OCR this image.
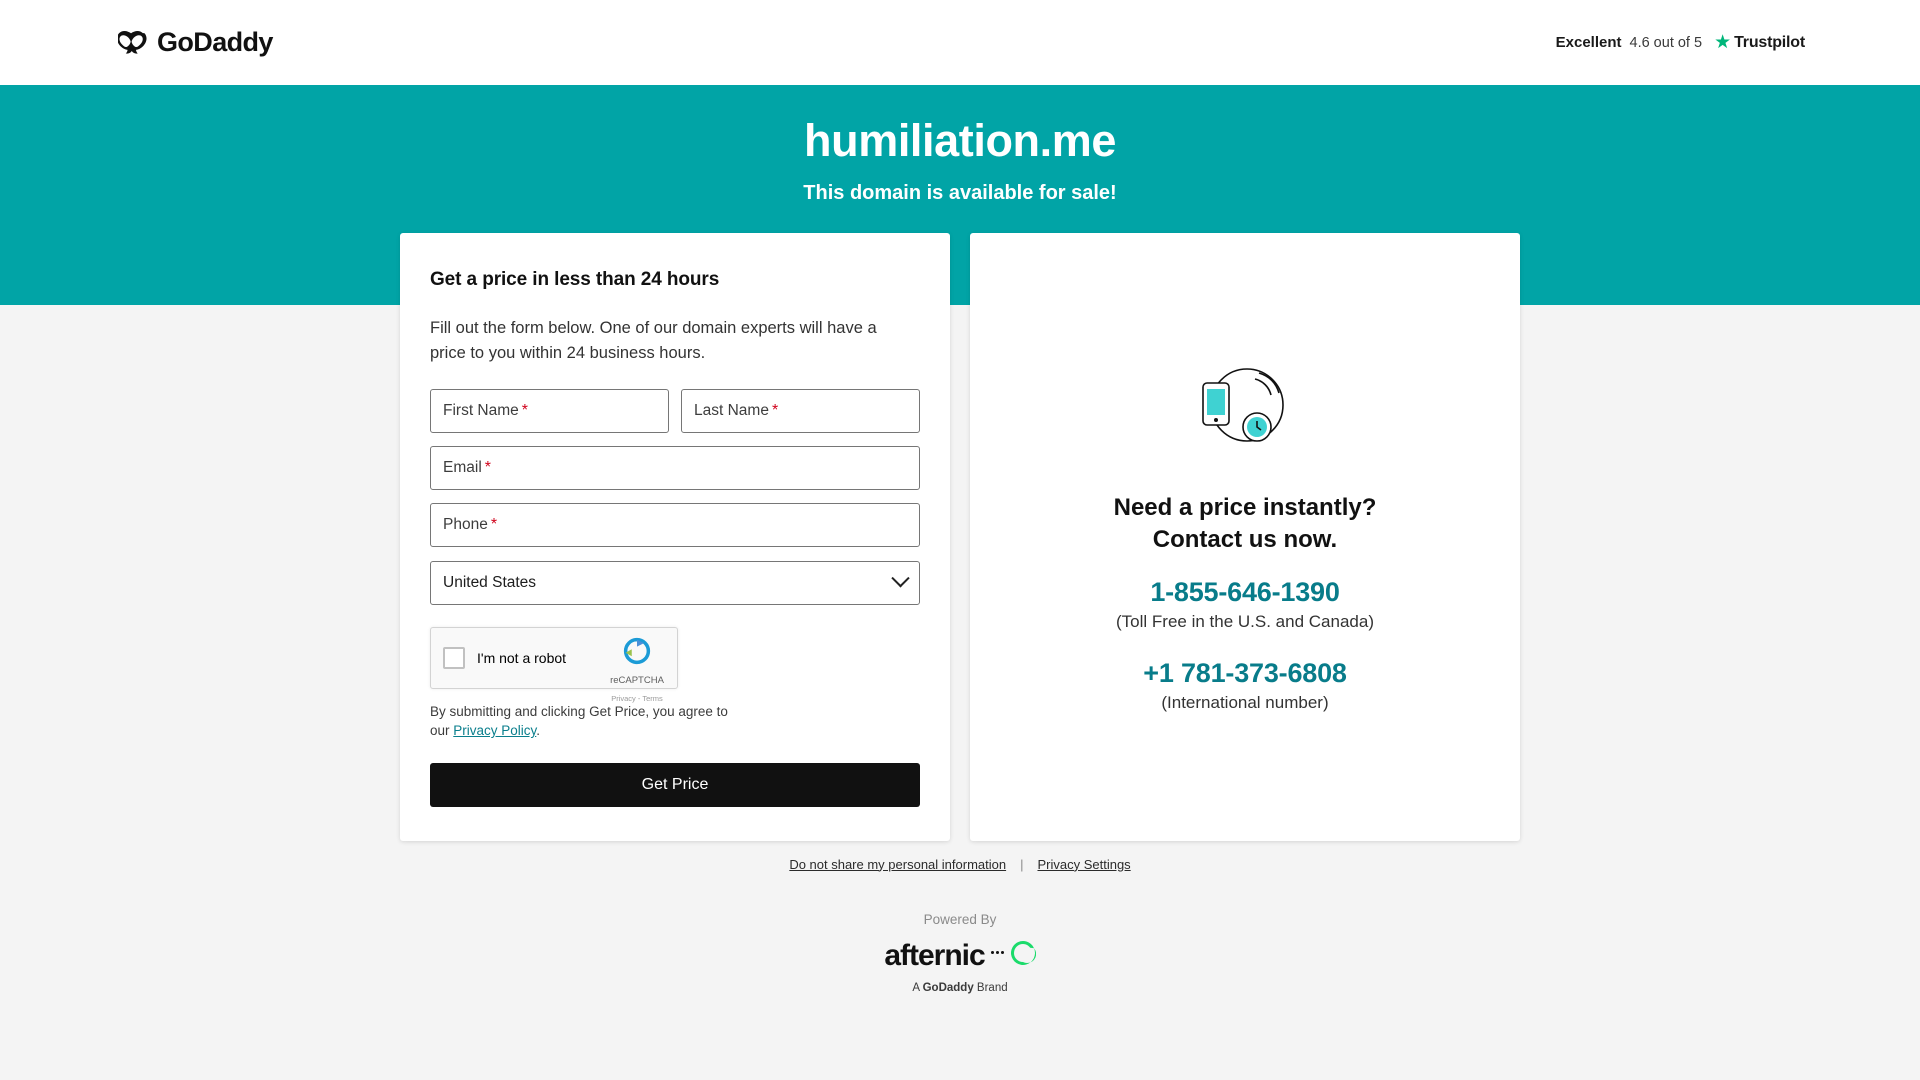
GoDaddy	Excellent 4.6 out of 5 ★ Trustpilot
humiliation.me
This domain is available for sale!
Get a price in less than 24 hours
Fill out the form below. One of our domain experts will have a price to you within 24 business hours.
First Name *	Last Name *
Email *
Phone *
United States
I'm not a robot
reCAPTCHA Privacy - Terms
By submitting and clicking Get Price, you agree to our Privacy Policy.
Get Price
Need a price instantly?
Contact us now.
1-855-646-1390
(Toll Free in the U.S. and Canada)
+1 781-373-6808
(International number)
Do not share my personal information | Privacy Settings
Powered By
afternic
A GoDaddy Brand
